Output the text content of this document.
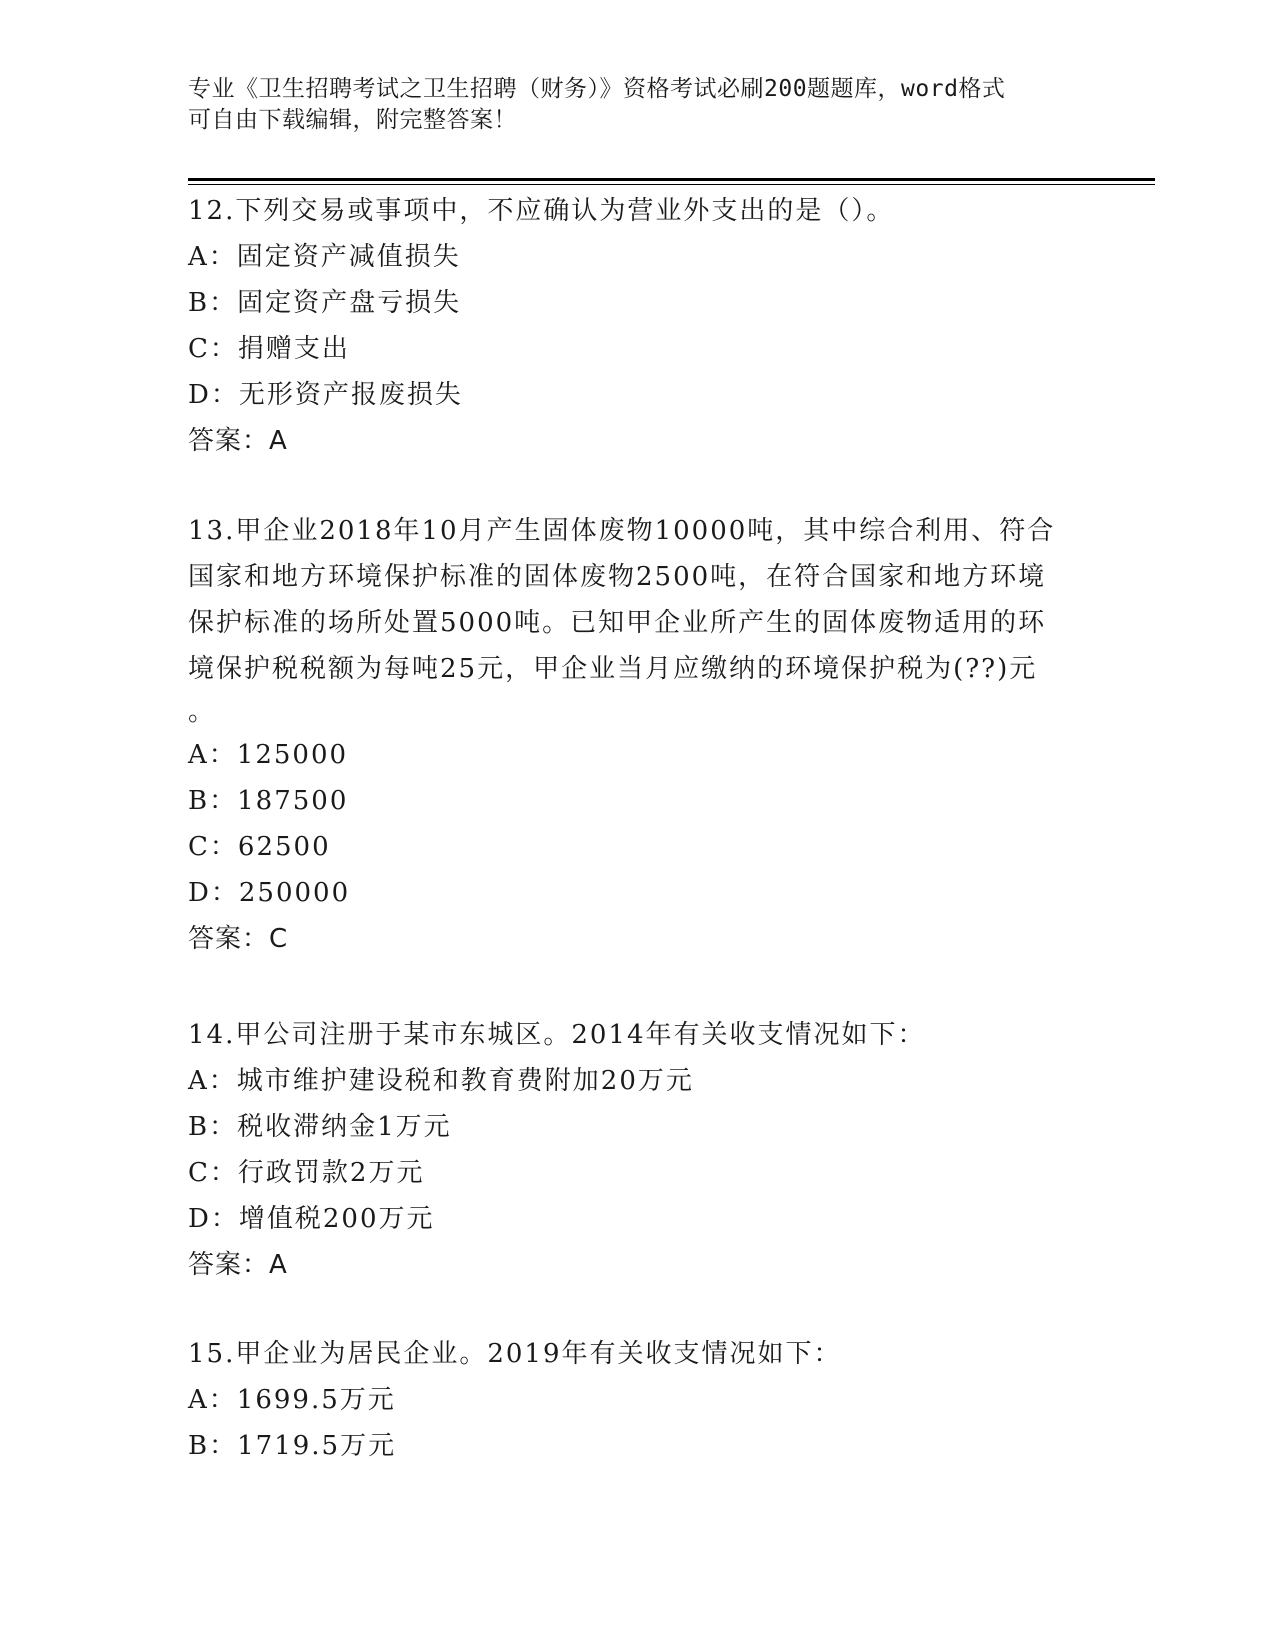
专业《卫生招聘考试之卫生招聘（财务）》资格考试必刷200题题库，word格式
可自由下载编辑，附完整答案！
12.下列交易或事项中，不应确认为营业外支出的是（）。
A：固定资产减值损失
B：固定资产盘亏损失
C：捐赠支出
D：无形资产报废损失
答案：A
13.甲企业2018年10月产生固体废物10000吨，其中综合利用、符合
国家和地方环境保护标准的固体废物2500吨，在符合国家和地方环境
保护标准的场所处置5000吨。已知甲企业所产生的固体废物适用的环
境保护税税额为每吨25元，甲企业当月应缴纳的环境保护税为(??)元
。
A：125000
B：187500
C：62500
D：250000
答案：C
14.甲公司注册于某市东城区。2014年有关收支情况如下：
A：城市维护建设税和教育费附加20万元
B：税收滞纳金1万元
C：行政罚款2万元
D：增值税200万元
答案：A
15.甲企业为居民企业。2019年有关收支情况如下：
A：1699.5万元
B：1719.5万元
